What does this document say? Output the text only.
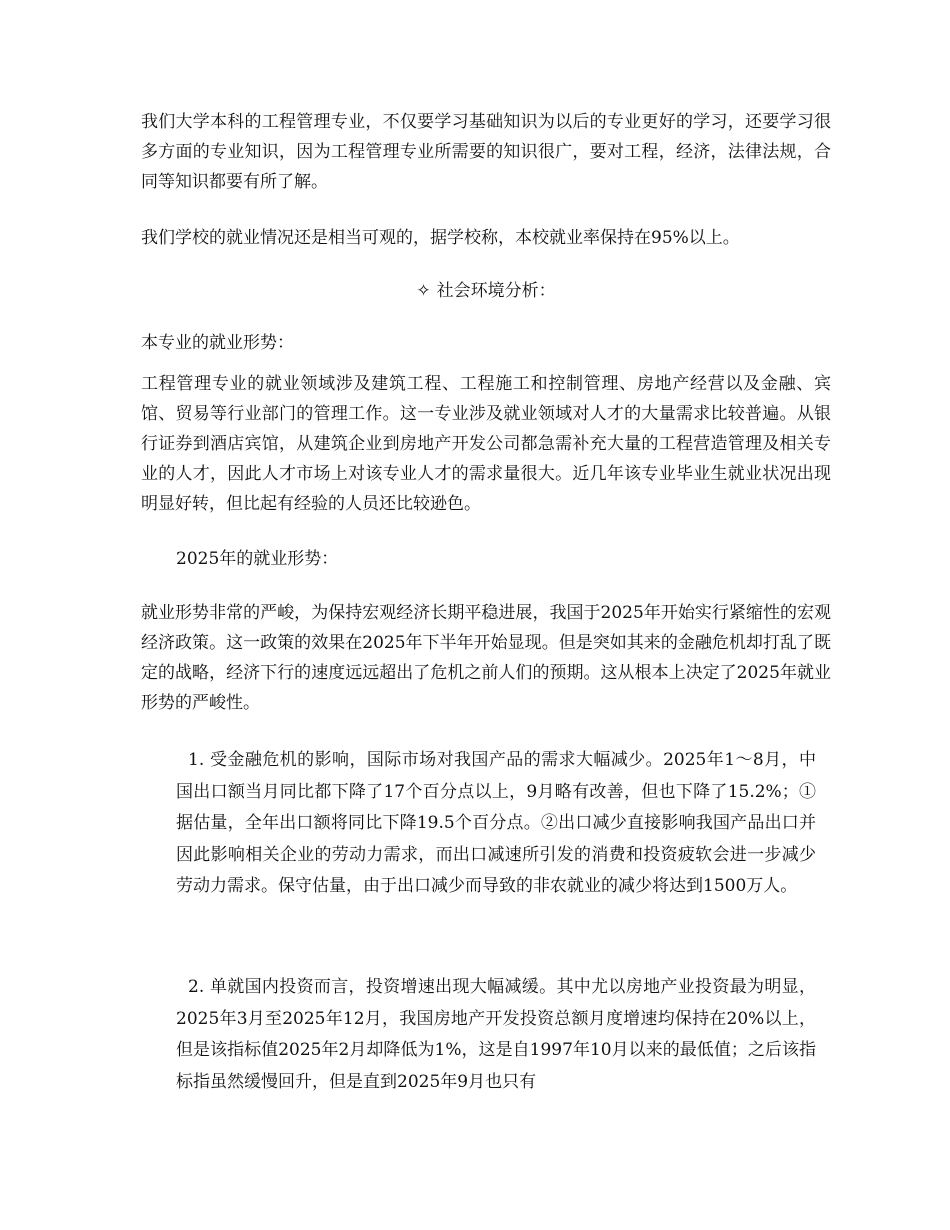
我们大学本科的工程管理专业，不仅要学习基础知识为以后的专业更好的学习，还要学习很多方面的专业知识，因为工程管理专业所需要的知识很广，要对工程，经济，法律法规，合同等知识都要有所了解。

我们学校的就业情况还是相当可观的，据学校称，本校就业率保持在95%以上。

✧ 社会环境分析：

本专业的就业形势：

工程管理专业的就业领域涉及建筑工程、工程施工和控制管理、房地产经营以及金融、宾馆、贸易等行业部门的管理工作。这一专业涉及就业领域对人才的大量需求比较普遍。从银行证券到酒店宾馆，从建筑企业到房地产开发公司都急需补充大量的工程营造管理及相关专业的人才，因此人才市场上对该专业人才的需求量很大。近几年该专业毕业生就业状况出现明显好转，但比起有经验的人员还比较逊色。

2025年的就业形势：

就业形势非常的严峻，为保持宏观经济长期平稳进展，我国于2025年开始实行紧缩性的宏观经济政策。这一政策的效果在2025年下半年开始显现。但是突如其来的金融危机却打乱了既定的战略，经济下行的速度远远超出了危机之前人们的预期。这从根本上决定了2025年就业形势的严峻性。

1. 受金融危机的影响，国际市场对我国产品的需求大幅减少。2025年1～8月，中国出口额当月同比都下降了17个百分点以上，9月略有改善，但也下降了15.2%；①据估量，全年出口额将同比下降19.5个百分点。②出口减少直接影响我国产品出口并因此影响相关企业的劳动力需求，而出口减速所引发的消费和投资疲软会进一步减少劳动力需求。保守估量，由于出口减少而导致的非农就业的减少将达到1500万人。

2. 单就国内投资而言，投资增速出现大幅减缓。其中尤以房地产业投资最为明显，2025年3月至2025年12月，我国房地产开发投资总额月度增速均保持在20%以上，但是该指标值2025年2月却降低为1%，这是自1997年10月以来的最低值；之后该指标指虽然缓慢回升，但是直到2025年9月也只有
